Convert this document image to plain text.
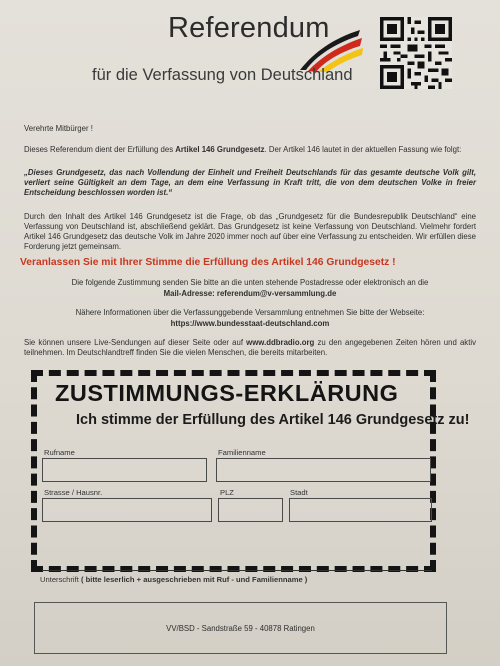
Referendum
für die Verfassung von Deutschland
Verehrte Mitbürger !
Dieses Referendum dient der Erfüllung des Artikel 146 Grundgesetz. Der Artikel 146 lautet in der aktuellen Fassung wie folgt:
„Dieses Grundgesetz, das nach Vollendung der Einheit und Freiheit Deutschlands für das gesamte deutsche Volk gilt, verliert seine Gültigkeit an dem Tage, an dem eine Verfassung in Kraft tritt, die von dem deutschen Volke in freier Entscheidung beschlossen worden ist.“
Durch den Inhalt des Artikel 146 Grundgesetz ist die Frage, ob das „Grundgesetz für die Bundesrepublik Deutschland“ eine Verfassung von Deutschland ist, abschließend geklärt. Das Grundgesetz ist keine Verfassung von Deutschland. Vielmehr fordert Artikel 146 Grundgesetz das deutsche Volk im Jahre 2020 immer noch auf über eine Verfassung zu entscheiden. Wir erfüllen diese Forderung jetzt gemeinsam.
Veranlassen Sie mit Ihrer Stimme die Erfüllung des Artikel 146 Grundgesetz !
Die folgende Zustimmung senden Sie bitte an die unten stehende Postadresse oder elektronisch an die
Mail-Adresse: referendum@v-versammlung.de
Nähere Informationen über die Verfassunggebende Versammlung entnehmen Sie bitte der Webseite:
https://www.bundesstaat-deutschland.com
Sie können unsere Live-Sendungen auf dieser Seite oder auf www.ddbradio.org zu den angegebenen Zeiten hören und aktiv teilnehmen. Im Deutschlandtreff finden Sie die vielen Menschen, die bereits mitarbeiten.
ZUSTIMMUNGS-ERKLÄRUNG
Ich stimme der Erfüllung des Artikel 146 Grundgesetz zu!
Rufname	Familienname
Strasse / Hausnr.	PLZ	Stadt
Unterschrift ( bitte leserlich + ausgeschrieben mit Ruf - und Familienname )
VV/BSD - Sandstraße 59 - 40878 Ratingen
